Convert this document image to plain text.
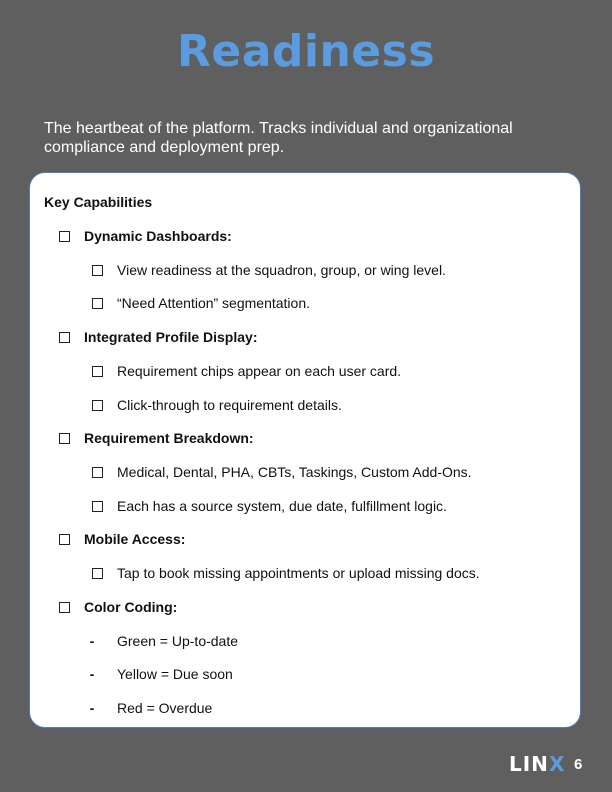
Readiness
The heartbeat of the platform. Tracks individual and organizational compliance and deployment prep.
Key Capabilities
Dynamic Dashboards:
View readiness at the squadron, group, or wing level.
“Need Attention” segmentation.
Integrated Profile Display:
Requirement chips appear on each user card.
Click-through to requirement details.
Requirement Breakdown:
Medical, Dental, PHA, CBTs, Taskings, Custom Add-Ons.
Each has a source system, due date, fulfillment logic.
Mobile Access:
Tap to book missing appointments or upload missing docs.
Color Coding:
- Green = Up-to-date
- Yellow = Due soon
- Red = Overdue
LINX 6
